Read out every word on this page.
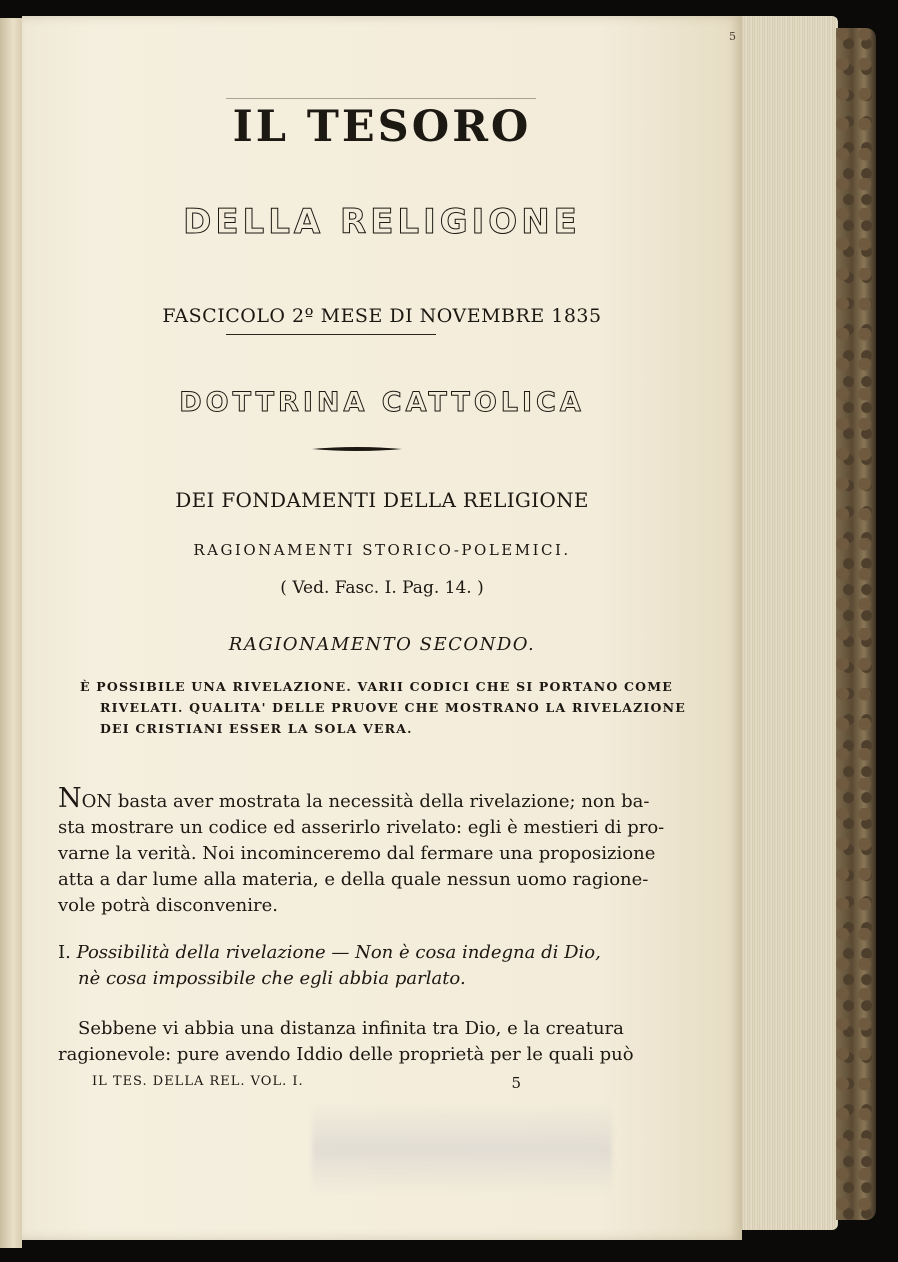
5
IL TESORO
DELLA RELIGIONE
FASCICOLO 2º MESE DI NOVEMBRE 1835
DOTTRINA CATTOLICA
DEI FONDAMENTI DELLA RELIGIONE
RAGIONAMENTI STORICO-POLEMICI.
( Ved. Fasc. I. Pag. 14. )
RAGIONAMENTO SECONDO.
È POSSIBILE UNA RIVELAZIONE. VARII CODICI CHE SI PORTANO COME
RIVELATI. QUALITA' DELLE PRUOVE CHE MOSTRANO LA RIVELAZIONE
DEI CRISTIANI ESSER LA SOLA VERA.
NON basta aver mostrata la necessità della rivelazione; non ba-
sta mostrare un codice ed asserirlo rivelato: egli è mestieri di pro-
varne la verità. Noi incominceremo dal fermare una proposizione
atta a dar lume alla materia, e della quale nessun uomo ragione-
vole potrà disconvenire.
I. Possibilità della rivelazione — Non è cosa indegna di Dio,
nè cosa impossibile che egli abbia parlato.
Sebbene vi abbia una distanza infinita tra Dio, e la creatura
ragionevole: pure avendo Iddio delle proprietà per le quali può
IL TES. DELLA REL. VOL. I.	5
